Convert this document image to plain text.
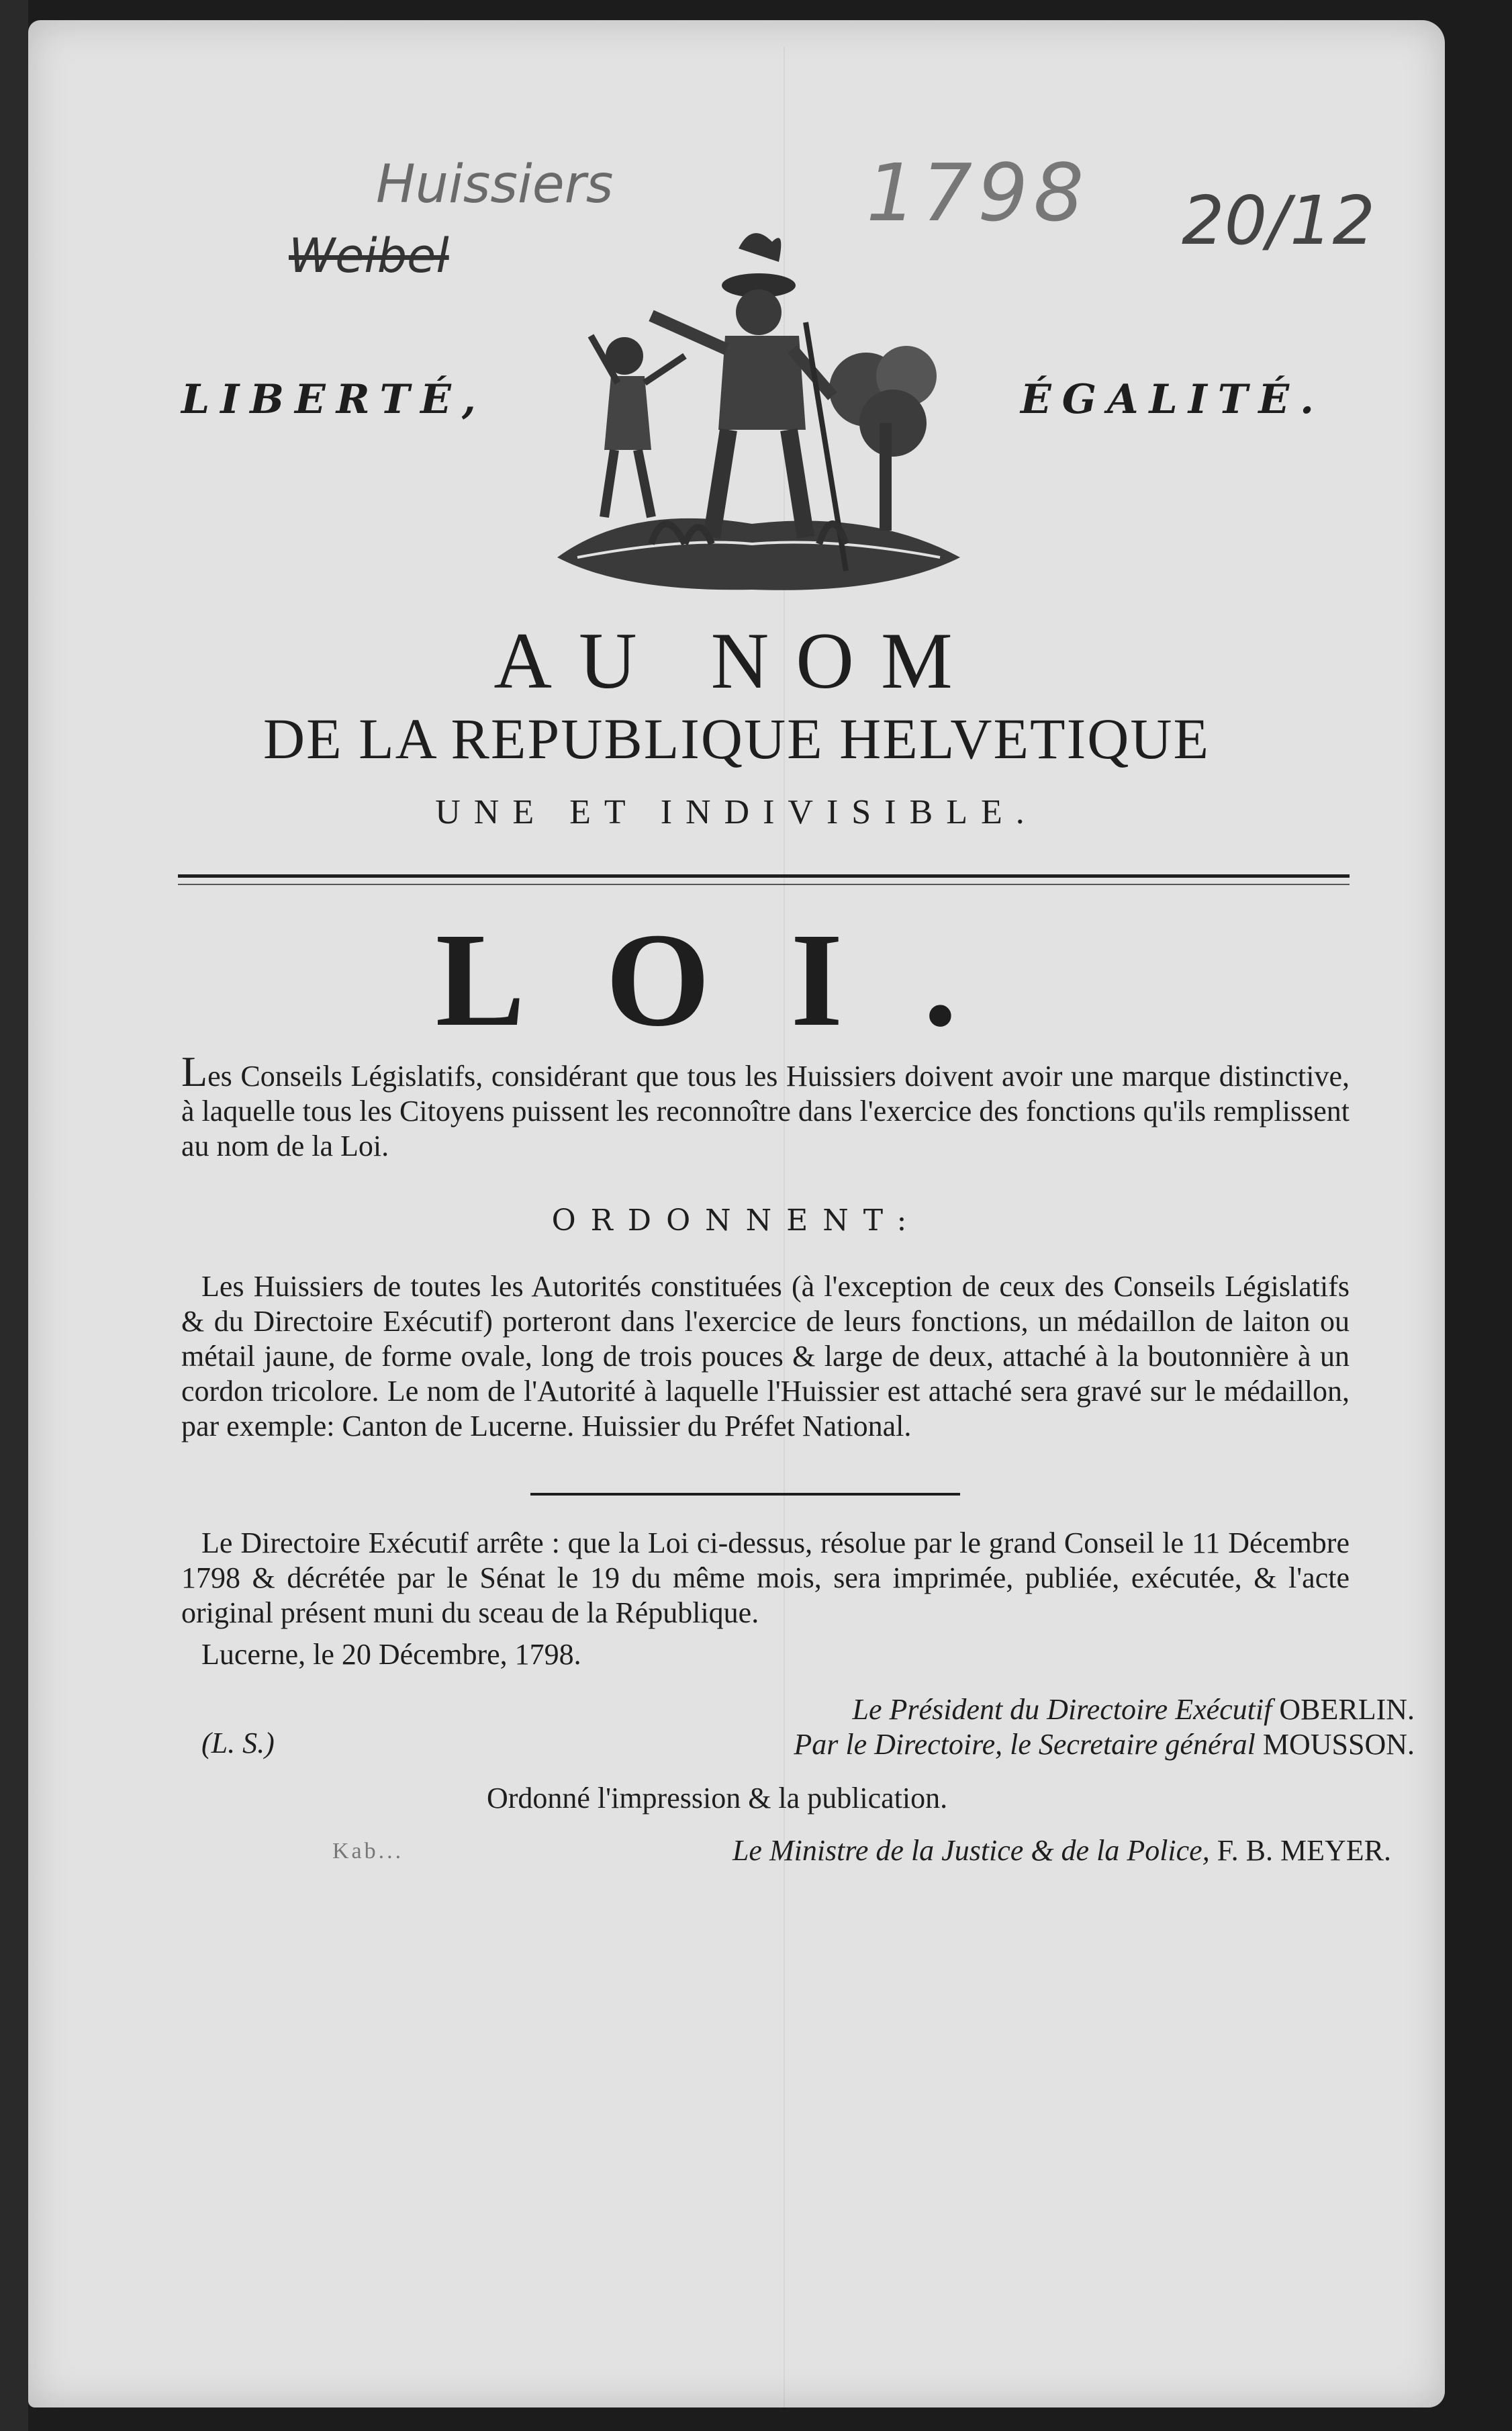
Huissiers	1798 20/12
Weibel
LIBERTÉ,	ÉGALITÉ.
AU NOM
DE LA REPUBLIQUE HELVETIQUE
UNE ET INDIVISIBLE.
LOI.
Les Conseils Législatifs, considérant que tous les Huissiers doivent avoir une marque distinctive, à laquelle tous les Citoyens puissent les reconnoître dans l'exercice des fonctions qu'ils remplissent au nom de la Loi.
ORDONNENT:
Les Huissiers de toutes les Autorités constituées (à l'exception de ceux des Conseils Législatifs & du Directoire Exécutif) porteront dans l'exercice de leurs fonctions, un médaillon de laiton ou métail jaune, de forme ovale, long de trois pouces & large de deux, attaché à la boutonnière à un cordon tricolore. Le nom de l'Autorité à laquelle l'Huissier est attaché sera gravé sur le médaillon, par exemple: Canton de Lucerne. Huissier du Préfet National.
Le Directoire Exécutif arrête : que la Loi ci-dessus, résolue par le grand Conseil le 11 Décembre 1798 & décrétée par le Sénat le 19 du même mois, sera imprimée, publiée, exécutée, & l'acte original présent muni du sceau de la République.
Lucerne, le 20 Décembre, 1798.
Le Président du Directoire Exécutif OBERLIN.
Par le Directoire, le Secretaire général MOUSSON.
(L. S.)
Ordonné l'impression & la publication.
Kab...	Le Ministre de la Justice & de la Police, F. B. MEYER.
